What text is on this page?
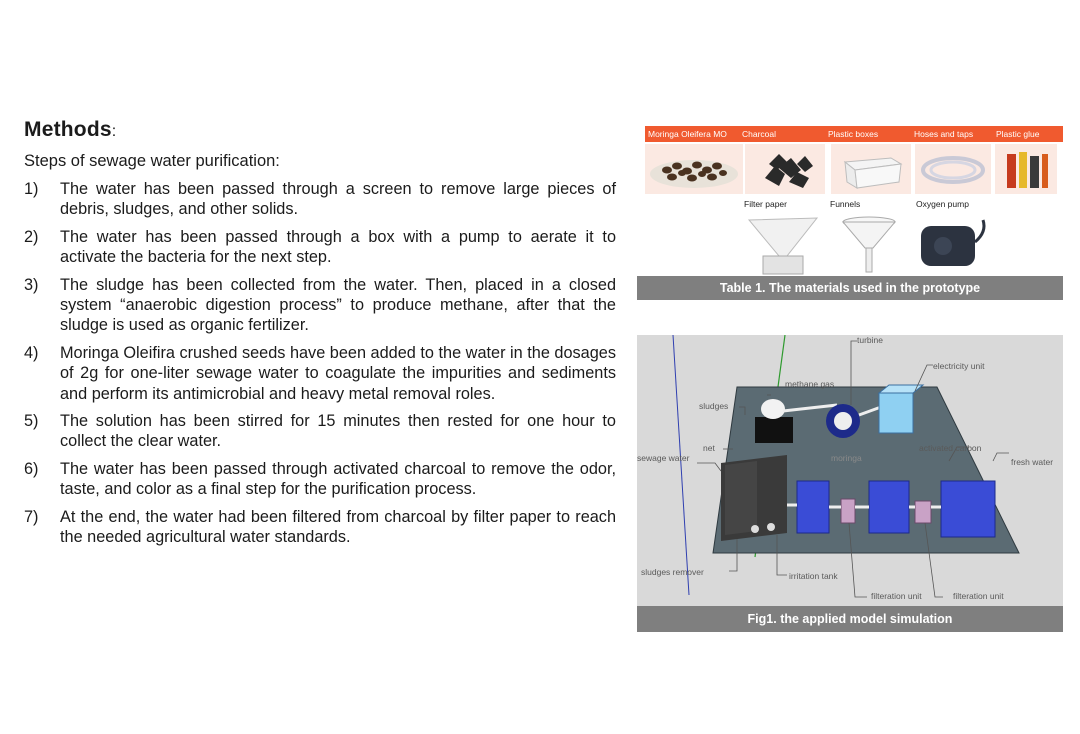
Methods:
Steps of sewage water purification:
1) The water has been passed through a screen to remove large pieces of debris, sludges, and other solids.
2) The water has been passed through a box with a pump to aerate it to activate the bacteria for the next step.
3) The sludge has been collected from the water. Then, placed in a closed system “anaerobic digestion process” to produce methane, after that the sludge is used as organic fertilizer.
4) Moringa Oleifira crushed seeds have been added to the water in the dosages of 2g for one-liter sewage water to coagulate the impurities and sediments and perform its antimicrobial and heavy metal removal roles.
5) The solution has been stirred for 15 minutes then rested for one hour to collect the clear water.
6) The water has been passed through activated charcoal to remove the odor, taste, and color as a final step for the purification process.
7) At the end, the water had been filtered from charcoal by filter paper to reach the needed agricultural water standards.
Moringa Oleifera MO	Charcoal	Plastic boxes	Hoses and taps	Plastic glue
Filter paper	Funnels	Oxygen pump
Table 1. The materials used in the prototype
turbine
electricity unit
methane gas
sludges
net
sewage water	moringa
activated carbon
fresh water
sludges remover	irritation tank
filteration unit	filteration unit
Fig1. the applied model simulation
